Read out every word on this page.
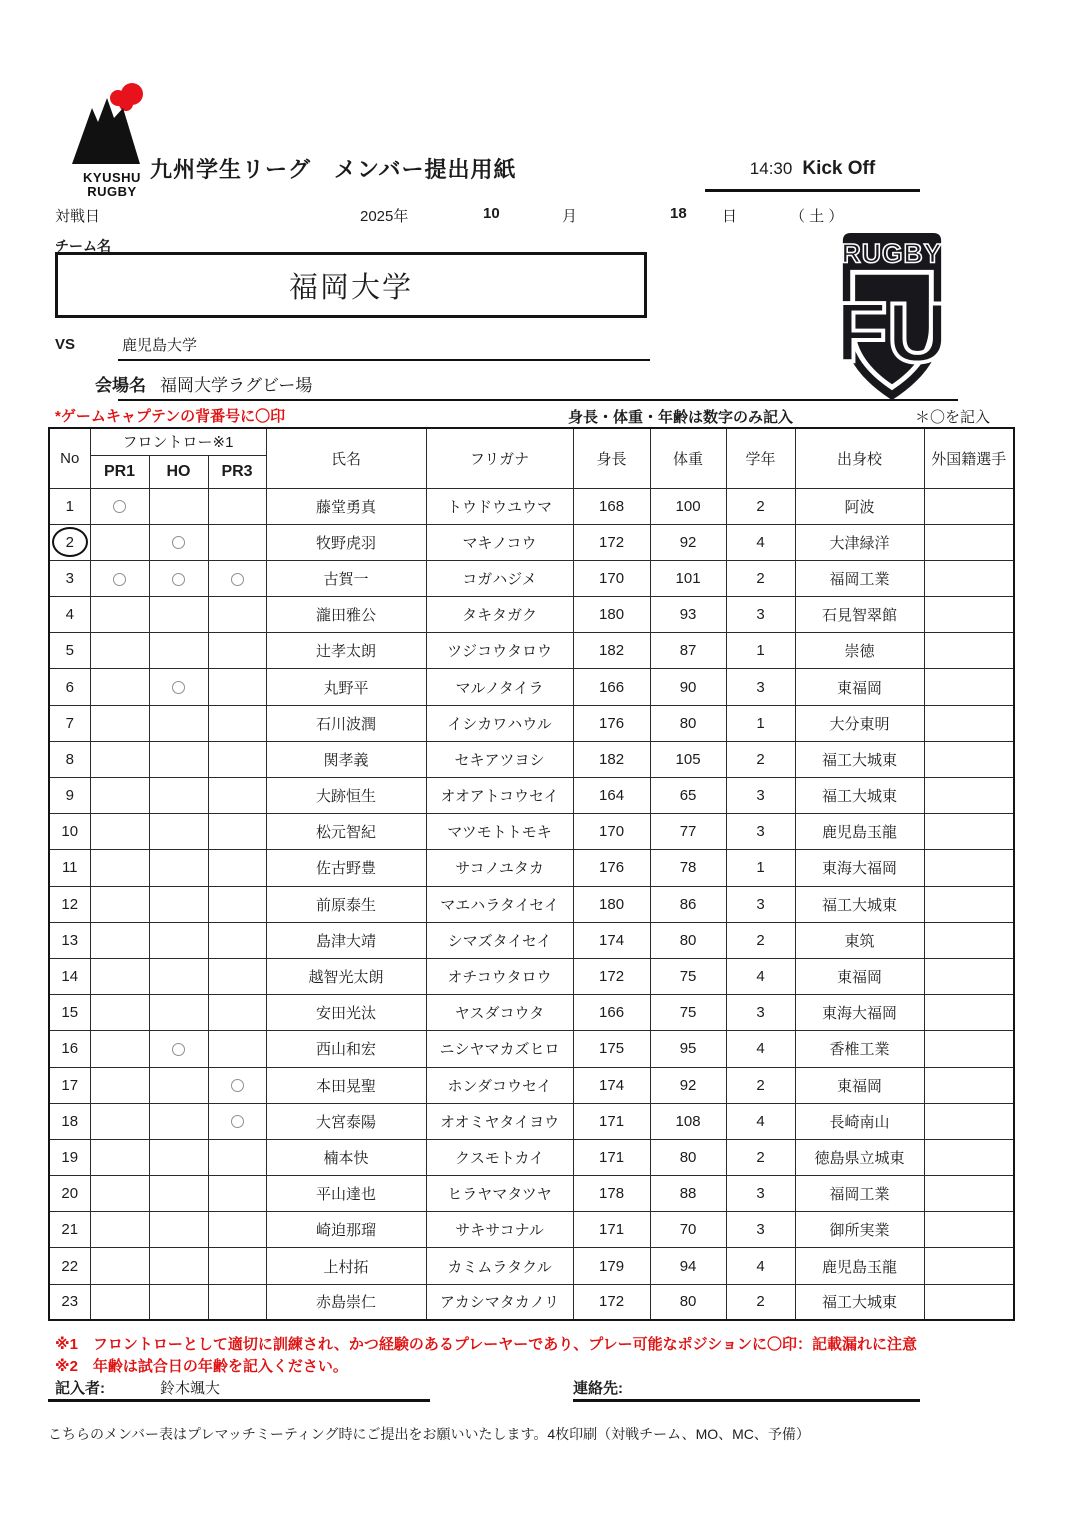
KYUSHU
RUGBY
九州学生リーグ　メンバー提出用紙	14:30 Kick Off
対戦日	2025年	10	月	18 日	（ 土 ）
チーム名
福岡大学
RUGBY
FU
VS	鹿児島大学
会場名 福岡大学ラグビー場
*ゲームキャプテンの背番号に〇印	身長・体重・年齢は数字のみ記入	＊〇を記入
No	フロントロー※1			氏名	フリガナ	身長	体重	学年	出身校	外国籍選手
	PR1	HO	PR3							
1				藤堂勇真	トウドウユウマ	168	100	2	阿波	
2				牧野虎羽	マキノコウ	172	92	4	大津緑洋	
3				古賀一	コガハジメ	170	101	2	福岡工業	
4				瀧田雅公	タキタガク	180	93	3	石見智翠館	
5				辻孝太朗	ツジコウタロウ	182	87	1	崇徳	
6				丸野平	マルノタイラ	166	90	3	東福岡	
7				石川波潤	イシカワハウル	176	80	1	大分東明	
8				関孝義	セキアツヨシ	182	105	2	福工大城東	
9				大跡恒生	オオアトコウセイ	164	65	3	福工大城東	
10				松元智紀	マツモトトモキ	170	77	3	鹿児島玉龍	
11				佐古野豊	サコノユタカ	176	78	1	東海大福岡	
12				前原泰生	マエハラタイセイ	180	86	3	福工大城東	
13				島津大靖	シマズタイセイ	174	80	2	東筑	
14				越智光太朗	オチコウタロウ	172	75	4	東福岡	
15				安田光汰	ヤスダコウタ	166	75	3	東海大福岡	
16				西山和宏	ニシヤマカズヒロ	175	95	4	香椎工業	
17				本田晃聖	ホンダコウセイ	174	92	2	東福岡	
18				大宮泰陽	オオミヤタイヨウ	171	108	4	長崎南山	
19				楠本快	クスモトカイ	171	80	2	徳島県立城東	
20				平山達也	ヒラヤマタツヤ	178	88	3	福岡工業	
21				崎迫那瑠	サキサコナル	171	70	3	御所実業	
22				上村拓	カミムラタクル	179	94	4	鹿児島玉龍	
23				赤島崇仁	アカシマタカノリ	172	80	2	福工大城東	
※1　フロントローとして適切に訓練され、かつ経験のあるプレーヤーであり、プレー可能なポジションに〇印：記載漏れに注意
※2　年齢は試合日の年齢を記入ください。
記入者:	鈴木颯大	連絡先:
こちらのメンバー表はプレマッチミーティング時にご提出をお願いいたします。4枚印刷（対戦チーム、MO、MC、予備）
